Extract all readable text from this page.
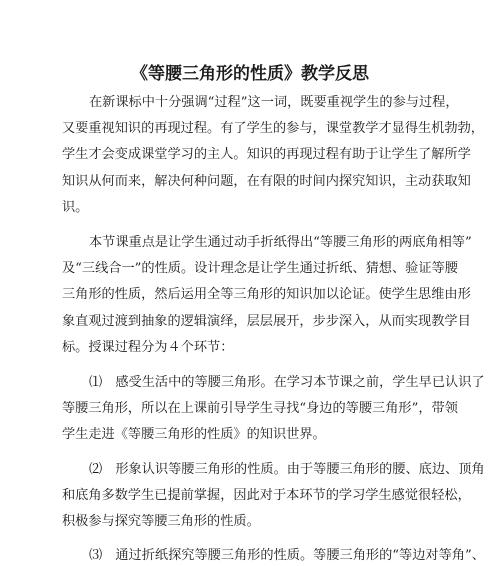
《等腰三角形的性质》教学反思
在新课标中十分强调“过程”这一词，既要重视学生的参与过程，
又要重视知识的再现过程。有了学生的参与，课堂教学才显得生机勃勃，
学生才会变成课堂学习的主人。知识的再现过程有助于让学生了解所学
知识从何而来，解决何种问题，在有限的时间内探究知识，主动获取知
识。
本节课重点是让学生通过动手折纸得出“等腰三角形的两底角相等”
及“三线合一”的性质。设计理念是让学生通过折纸、猜想、验证等腰
三角形的性质，然后运用全等三角形的知识加以论证。使学生思维由形
象直观过渡到抽象的逻辑演绎，层层展开，步步深入，从而实现教学目
标。授课过程分为４个环节：
⑴　感受生活中的等腰三角形。在学习本节课之前，学生早已认识了
等腰三角形，所以在上课前引导学生寻找“身边的等腰三角形”，带领
学生走进《等腰三角形的性质》的知识世界。
⑵　形象认识等腰三角形的性质。由于等腰三角形的腰、底边、顶角
和底角多数学生已提前掌握，因此对于本环节的学习学生感觉很轻松，
积极参与探究等腰三角形的性质。
⑶　通过折纸探究等腰三角形的性质。等腰三角形的“等边对等角”、
